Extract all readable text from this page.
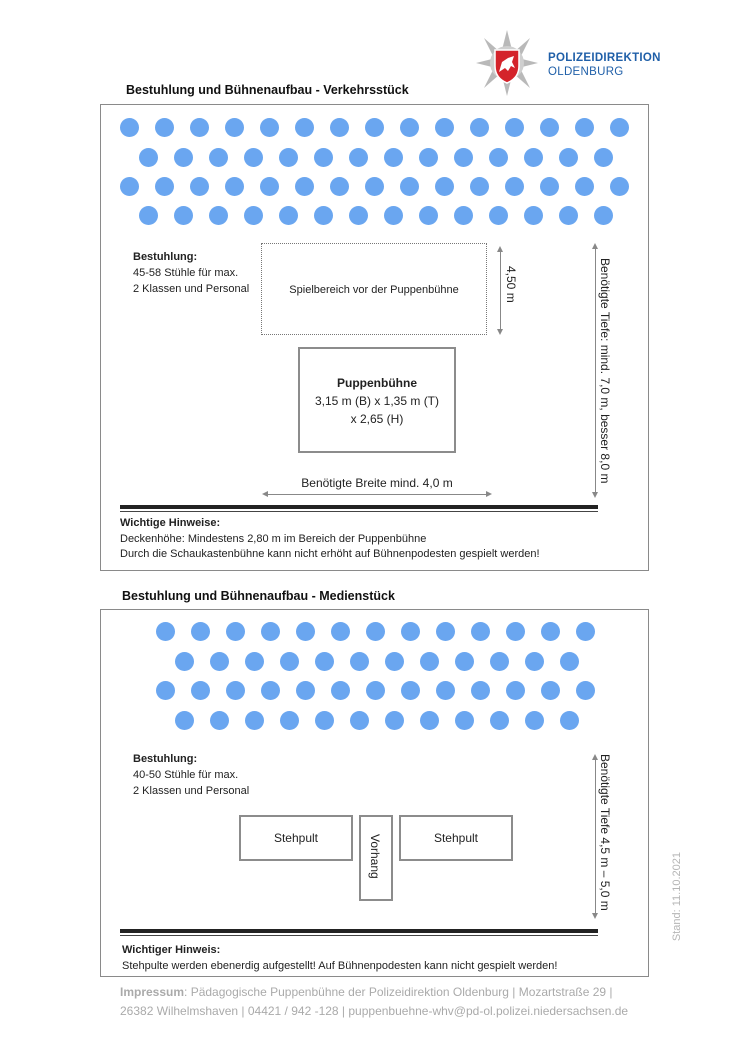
POLIZEIDIREKTION
OLDENBURG
Bestuhlung und Bühnenaufbau - Verkehrsstück
Bestuhlung:
45-58 Stühle für max.
2 Klassen und Personal	Spielbereich vor der Puppenbühne	4,50 m
Puppenbühne
3,15 m (B) x 1,35 m (T)
x 2,65 (H)
Benötigte Breite mind. 4,0 m	Benötigte Tiefe: mind. 7,0 m, besser 8,0 m
Wichtige Hinweise:
Deckenhöhe: Mindestens 2,80 m im Bereich der Puppenbühne
Durch die Schaukastenbühne kann nicht erhöht auf Bühnenpodesten gespielt werden!
Bestuhlung und Bühnenaufbau - Medienstück
Bestuhlung:
40-50 Stühle für max.
2 Klassen und Personal
Stehpult	Vorhang	Stehpult	Benötigte Tiefe 4,5 m – 5,0 m
Wichtiger Hinweis:
Stehpulte werden ebenerdig aufgestellt! Auf Bühnenpodesten kann nicht gespielt werden!
Stand: 11.10.2021
Impressum: Pädagogische Puppenbühne der Polizeidirektion Oldenburg | Mozartstraße 29 |
26382 Wilhelmshaven | 04421 / 942 -128 | puppenbuehne-whv@pd-ol.polizei.niedersachsen.de
